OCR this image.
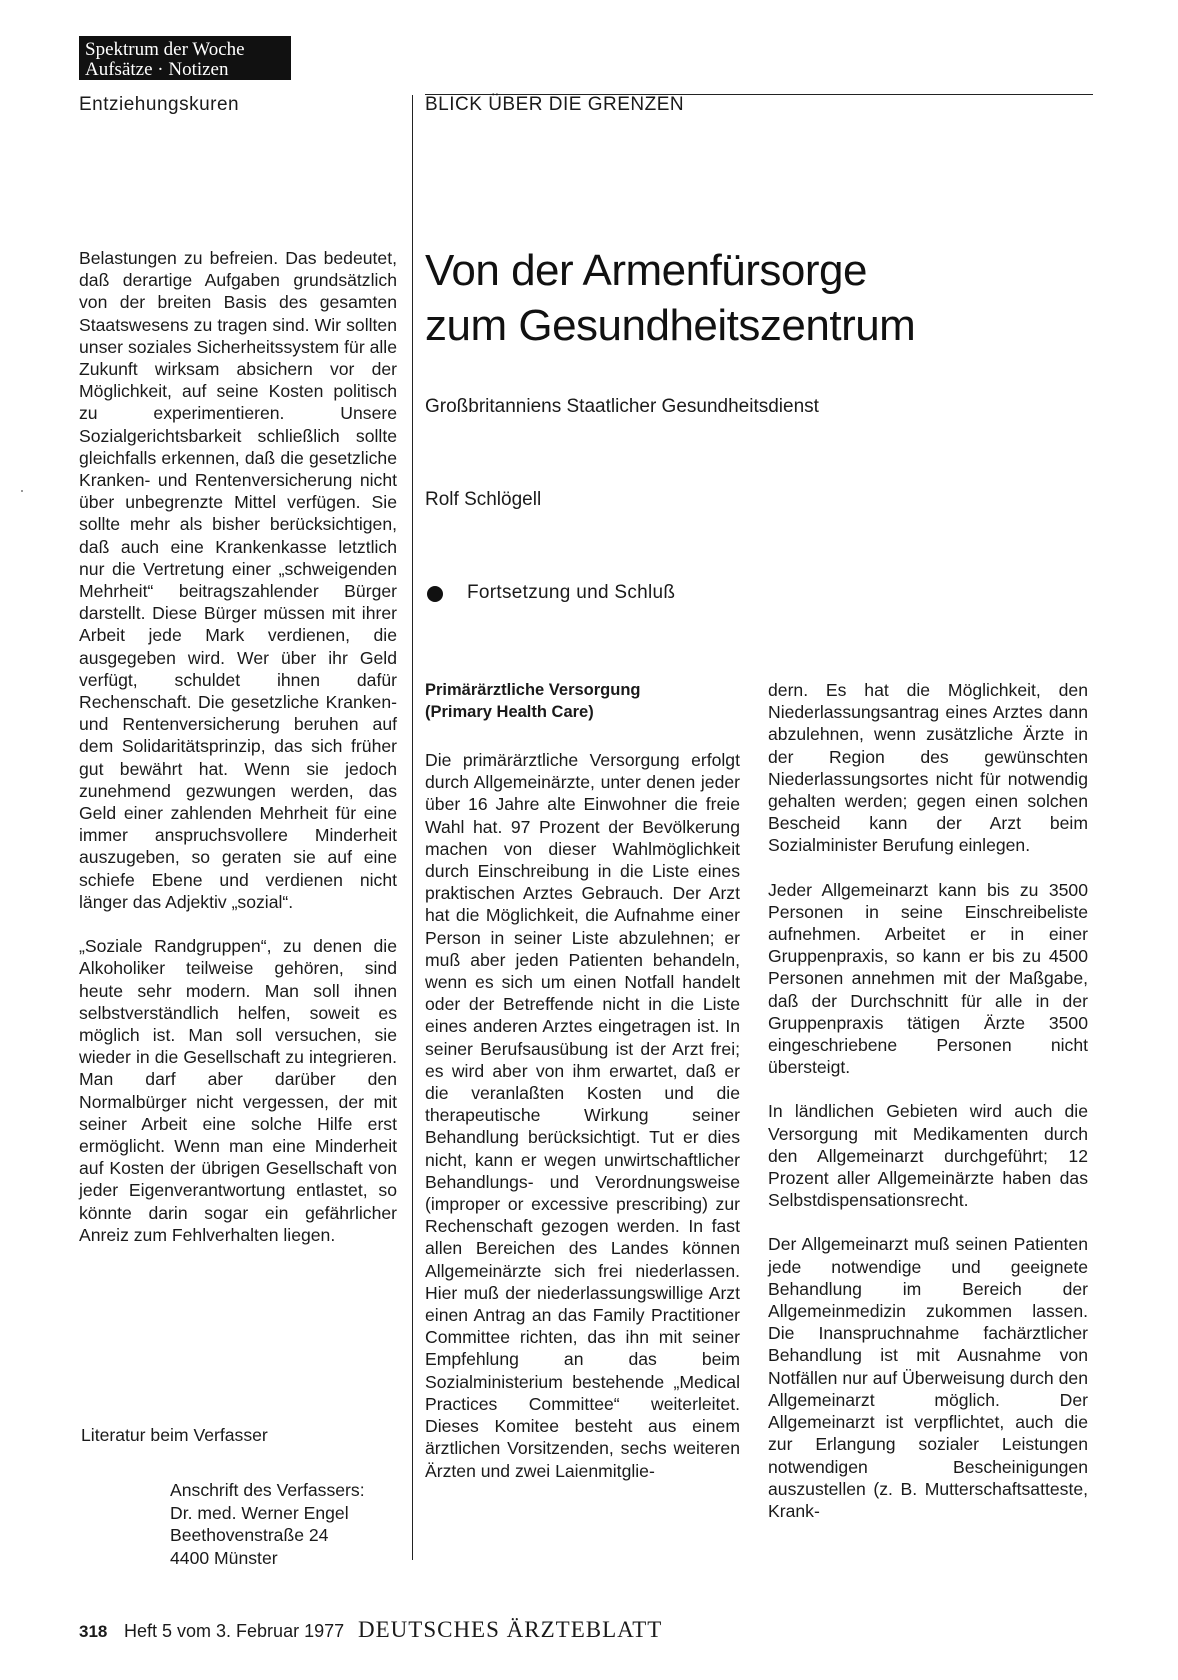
Spektrum der Woche
Aufsätze · Notizen
Entziehungskuren	BLICK ÜBER DIE GRENZEN

Belastungen zu befreien. Das bedeutet, daß derartige Aufgaben grundsätzlich von der breiten Basis des gesamten Staatswesens zu tragen sind. Wir sollten unser soziales Sicherheitssystem für alle Zukunft wirksam absichern vor der Möglichkeit, auf seine Kosten politisch zu experimentieren. Unsere Sozialgerichtsbarkeit schließlich sollte gleichfalls erkennen, daß die gesetzliche Kranken- und Rentenversicherung nicht über unbegrenzte Mittel verfügen. Sie sollte mehr als bisher berücksichtigen, daß auch eine Krankenkasse letztlich nur die Vertretung einer „schweigenden Mehrheit“ beitragszahlender Bürger darstellt. Diese Bürger müssen mit ihrer Arbeit jede Mark verdienen, die ausgegeben wird. Wer über ihr Geld verfügt, schuldet ihnen dafür Rechenschaft. Die gesetzliche Kranken- und Rentenversicherung beruhen auf dem Solidaritätsprinzip, das sich früher gut bewährt hat. Wenn sie jedoch zunehmend gezwungen werden, das Geld einer zahlenden Mehrheit für eine immer anspruchsvollere Minderheit auszugeben, so geraten sie auf eine schiefe Ebene und verdienen nicht länger das Adjektiv „sozial“.

„Soziale Randgruppen“, zu denen die Alkoholiker teilweise gehören, sind heute sehr modern. Man soll ihnen selbstverständlich helfen, soweit es möglich ist. Man soll versuchen, sie wieder in die Gesellschaft zu integrieren. Man darf aber darüber den Normalbürger nicht vergessen, der mit seiner Arbeit eine solche Hilfe erst ermöglicht. Wenn man eine Minderheit auf Kosten der übrigen Gesellschaft von jeder Eigenverantwortung entlastet, so könnte darin sogar ein gefährlicher Anreiz zum Fehlverhalten liegen.

Literatur beim Verfasser
Anschrift des Verfassers:
Dr. med. Werner Engel
Beethovenstraße 24
4400 Münster
Von der Armenfürsorge
zum Gesundheitszentrum
Großbritanniens Staatlicher Gesundheitsdienst
Rolf Schlögell
Fortsetzung und Schluß
Primärärztliche Versorgung
(Primary Health Care)

Die primärärztliche Versorgung erfolgt durch Allgemeinärzte, unter denen jeder über 16 Jahre alte Einwohner die freie Wahl hat. 97 Prozent der Bevölkerung machen von dieser Wahlmöglichkeit durch Einschreibung in die Liste eines praktischen Arztes Gebrauch. Der Arzt hat die Möglichkeit, die Aufnahme einer Person in seiner Liste abzulehnen; er muß aber jeden Patienten behandeln, wenn es sich um einen Notfall handelt oder der Betreffende nicht in die Liste eines anderen Arztes eingetragen ist. In seiner Berufsausübung ist der Arzt frei; es wird aber von ihm erwartet, daß er die veranlaßten Kosten und die therapeutische Wirkung seiner Behandlung berücksichtigt. Tut er dies nicht, kann er wegen unwirtschaftlicher Behandlungs- und Verordnungsweise (improper or excessive prescribing) zur Rechenschaft gezogen werden. In fast allen Bereichen des Landes können Allgemeinärzte sich frei niederlassen. Hier muß der niederlassungswillige Arzt einen Antrag an das Family Practitioner Committee richten, das ihn mit seiner Empfehlung an das beim Sozialministerium bestehende „Medical Practices Committee“ weiterleitet. Dieses Komitee besteht aus einem ärztlichen Vorsitzenden, sechs weiteren Ärzten und zwei Laienmitglie-

dern. Es hat die Möglichkeit, den Niederlassungsantrag eines Arztes dann abzulehnen, wenn zusätzliche Ärzte in der Region des gewünschten Niederlassungsortes nicht für notwendig gehalten werden; gegen einen solchen Bescheid kann der Arzt beim Sozialminister Berufung einlegen.

Jeder Allgemeinarzt kann bis zu 3500 Personen in seine Einschreibeliste aufnehmen. Arbeitet er in einer Gruppenpraxis, so kann er bis zu 4500 Personen annehmen mit der Maßgabe, daß der Durchschnitt für alle in der Gruppenpraxis tätigen Ärzte 3500 eingeschriebene Personen nicht übersteigt.

In ländlichen Gebieten wird auch die Versorgung mit Medikamenten durch den Allgemeinarzt durchgeführt; 12 Prozent aller Allgemeinärzte haben das Selbstdispensationsrecht.

Der Allgemeinarzt muß seinen Patienten jede notwendige und geeignete Behandlung im Bereich der Allgemeinmedizin zukommen lassen. Die Inanspruchnahme fachärztlicher Behandlung ist mit Ausnahme von Notfällen nur auf Überweisung durch den Allgemeinarzt möglich. Der Allgemeinarzt ist verpflichtet, auch die zur Erlangung sozialer Leistungen notwendigen Bescheinigungen auszustellen (z. B. Mutterschaftsatteste, Krank-

318 Heft 5 vom 3. Februar 1977 DEUTSCHES ÄRZTEBLATT
